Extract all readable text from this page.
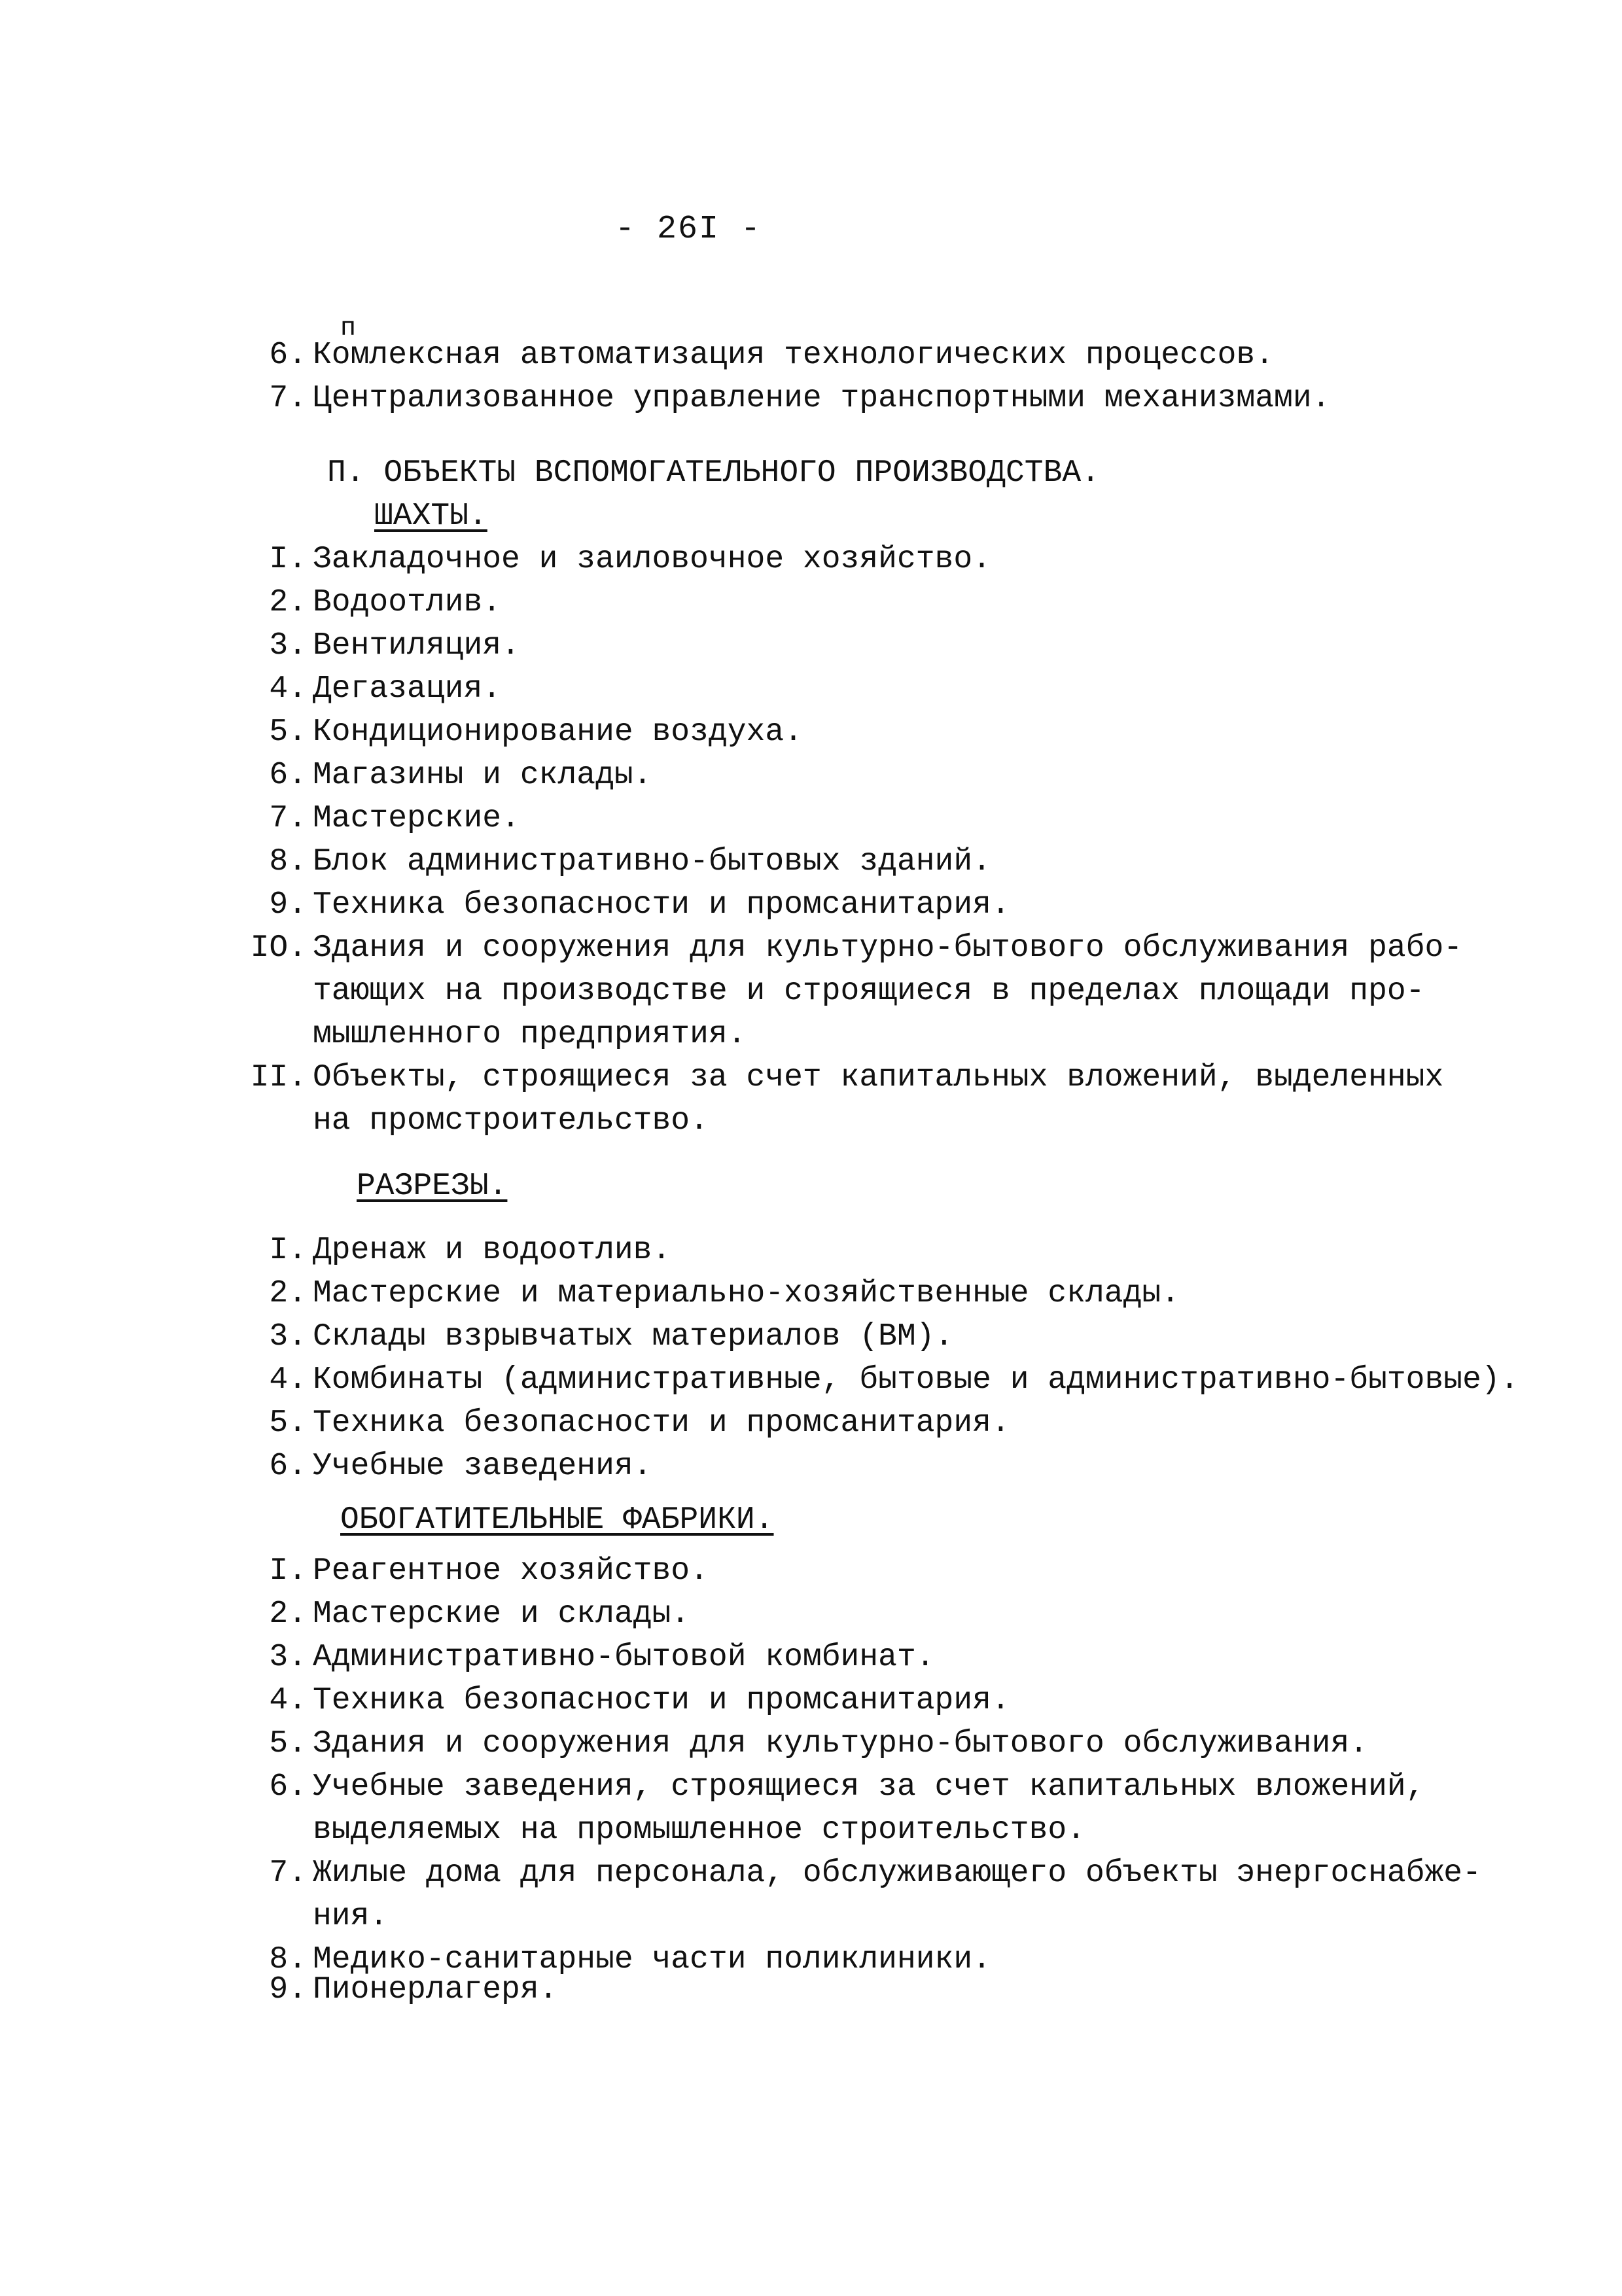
- 26I -
п
6. Комлексная автоматизация технологических процессов.
7. Централизованное управление транспортными механизмами.
П. ОБЪЕКТЫ ВСПОМОГАТЕЛЬНОГО ПРОИЗВОДСТВА.
ШАХТЫ.
I. Закладочное и заиловочное хозяйство.
2. Водоотлив.
3. Вентиляция.
4. Дегазация.
5. Кондиционирование воздуха.
6. Магазины и склады.
7. Мастерские.
8. Блок административно-бытовых зданий.
9. Техника безопасности и промсанитария.
IO. Здания и сооружения для культурно-бытового обслуживания рабо-
тающих на производстве и строящиеся в пределах площади про-
мышленного предприятия.
II. Объекты, строящиеся за счет капитальных вложений, выделенных
на промстроительство.
РАЗРЕЗЫ.
I. Дренаж и водоотлив.
2. Мастерские и материально-хозяйственные склады.
3. Склады взрывчатых материалов (ВМ).
4. Комбинаты (административные, бытовые и административно-бытовые).
5. Техника безопасности и промсанитария.
6. Учебные заведения.
ОБОГАТИТЕЛЬНЫЕ ФАБРИКИ.
I. Реагентное хозяйство.
2. Мастерские и склады.
3. Административно-бытовой комбинат.
4. Техника безопасности и промсанитария.
5. Здания и сооружения для культурно-бытового обслуживания.
6. Учебные заведения, строящиеся за счет капитальных вложений,
выделяемых на промышленное строительство.
7. Жилые дома для персонала, обслуживающего объекты энергоснабже-
ния.
8. Медико-санитарные части поликлиники.
9. Пионерлагеря.
